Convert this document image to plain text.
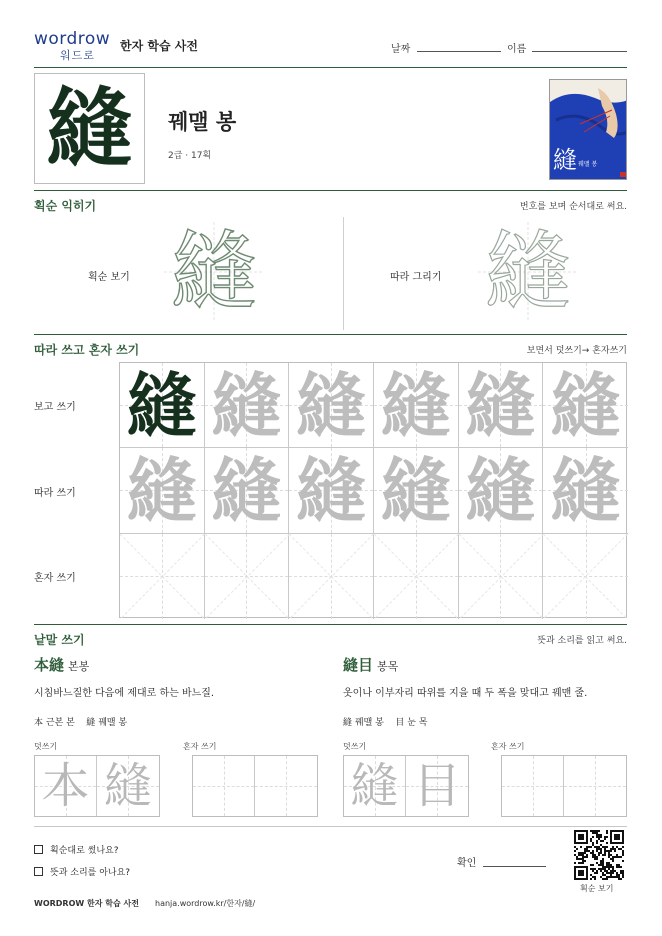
wordrow
워드로
한자 학습 사전	날짜	이름
縫 꿰맬 봉
2급 · 17획	縫 꿰맬 봉
획순 익히기	번호를 보며 순서대로 써요.
획순 보기 縫	따라 그리기 縫
따라 쓰고 혼자 쓰기	보면서 덧쓰기→ 혼자쓰기
보고 쓰기
따라 쓰기
혼자 쓰기
縫 縫 縫 縫 縫 縫
縫 縫 縫 縫 縫 縫
낱말 쓰기	뜻과 소리를 읽고 써요.
本縫 본봉
시침바느질한 다음에 제대로 하는 바느질.
本 근본 본 縫 꿰맬 봉
덧쓰기	혼자 쓰기
本 縫
縫目 봉목
옷이나 이부자리 따위를 지을 때 두 폭을 맞대고 꿰맨 줄.
縫 꿰맬 봉 目 눈 목
덧쓰기	혼자 쓰기
縫 目
획순대로 썼나요?
뜻과 소리를 아나요?
확인
획순 보기
WORDROW 한자 학습 사전 hanja.wordrow.kr/한자/縫/
